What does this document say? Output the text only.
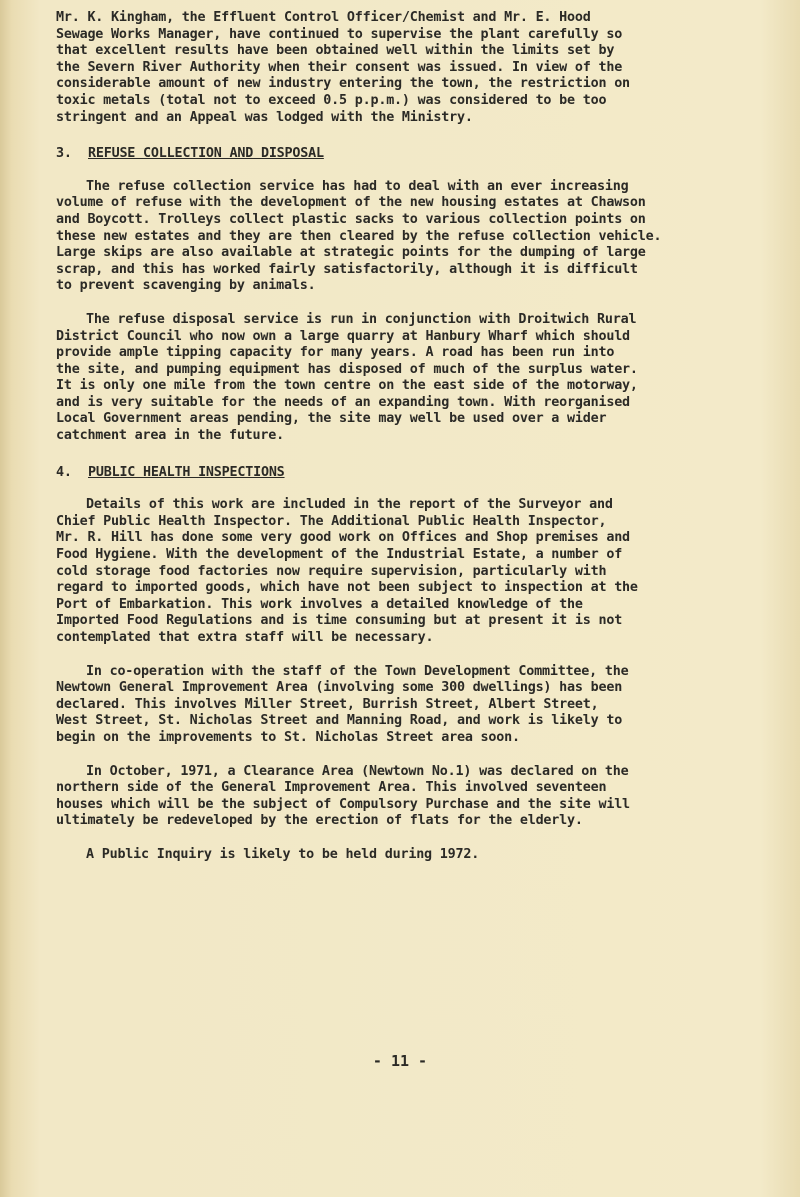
Mr. K. Kingham, the Effluent Control Officer/Chemist and Mr. E. Hood
Sewage Works Manager, have continued to supervise the plant carefully so
that excellent results have been obtained well within the limits set by
the Severn River Authority when their consent was issued. In view of the
considerable amount of new industry entering the town, the restriction on
toxic metals (total not to exceed 0.5 p.p.m.) was considered to be too
stringent and an Appeal was lodged with the Ministry.

3. REFUSE COLLECTION AND DISPOSAL

The refuse collection service has had to deal with an ever increasing
volume of refuse with the development of the new housing estates at Chawson
and Boycott. Trolleys collect plastic sacks to various collection points on
these new estates and they are then cleared by the refuse collection vehicle.
Large skips are also available at strategic points for the dumping of large
scrap, and this has worked fairly satisfactorily, although it is difficult
to prevent scavenging by animals.

The refuse disposal service is run in conjunction with Droitwich Rural
District Council who now own a large quarry at Hanbury Wharf which should
provide ample tipping capacity for many years. A road has been run into
the site, and pumping equipment has disposed of much of the surplus water.
It is only one mile from the town centre on the east side of the motorway,
and is very suitable for the needs of an expanding town. With reorganised
Local Government areas pending, the site may well be used over a wider
catchment area in the future.

4. PUBLIC HEALTH INSPECTIONS

Details of this work are included in the report of the Surveyor and
Chief Public Health Inspector. The Additional Public Health Inspector,
Mr. R. Hill has done some very good work on Offices and Shop premises and
Food Hygiene. With the development of the Industrial Estate, a number of
cold storage food factories now require supervision, particularly with
regard to imported goods, which have not been subject to inspection at the
Port of Embarkation. This work involves a detailed knowledge of the
Imported Food Regulations and is time consuming but at present it is not
contemplated that extra staff will be necessary.

In co-operation with the staff of the Town Development Committee, the
Newtown General Improvement Area (involving some 300 dwellings) has been
declared. This involves Miller Street, Burrish Street, Albert Street,
West Street, St. Nicholas Street and Manning Road, and work is likely to
begin on the improvements to St. Nicholas Street area soon.

In October, 1971, a Clearance Area (Newtown No.1) was declared on the
northern side of the General Improvement Area. This involved seventeen
houses which will be the subject of Compulsory Purchase and the site will
ultimately be redeveloped by the erection of flats for the elderly.

A Public Inquiry is likely to be held during 1972.

- 11 -
